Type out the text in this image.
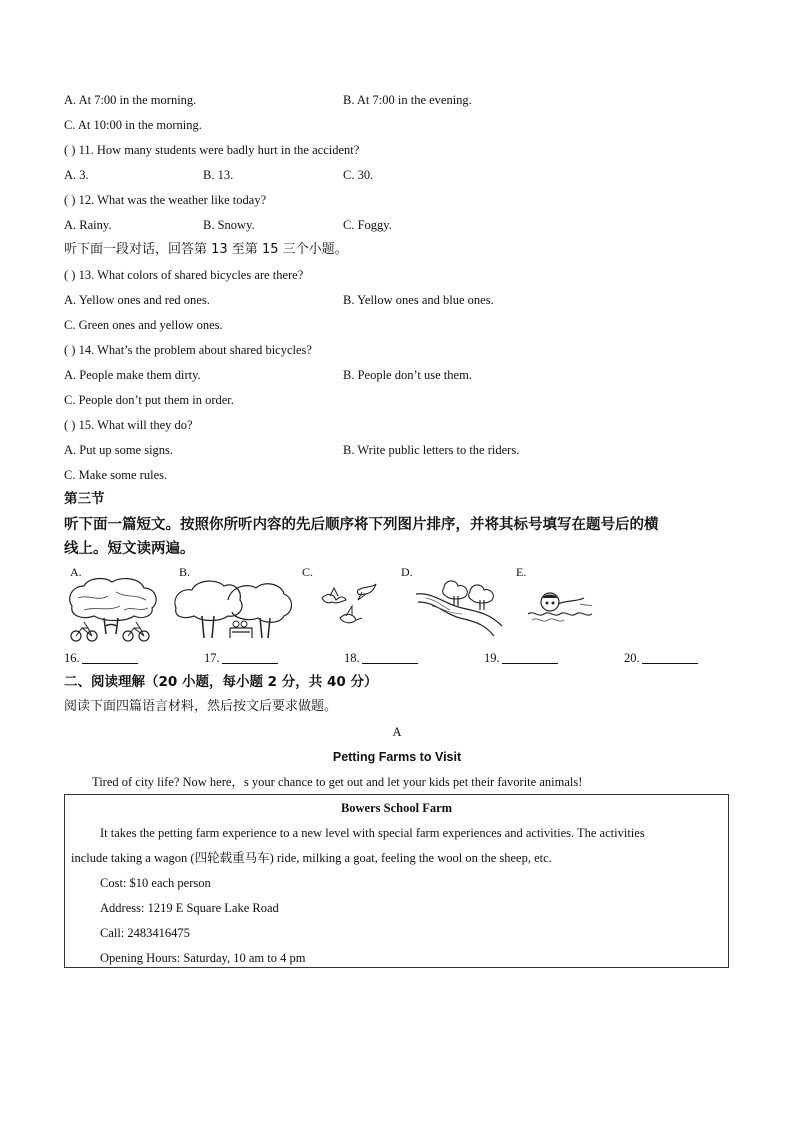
A. At 7:00 in the morning.	B. At 7:00 in the evening.
C. At 10:00 in the morning.
( ) 11. How many students were badly hurt in the accident?
A. 3.	B. 13.	C. 30.
( ) 12. What was the weather like today?
A. Rainy.	B. Snowy.	C. Foggy.
听下面一段对话，回答第 13 至第 15 三个小题。
( ) 13. What colors of shared bicycles are there?
A. Yellow ones and red ones.	B. Yellow ones and blue ones.
C. Green ones and yellow ones.
( ) 14. What’s the problem about shared bicycles?
A. People make them dirty.	B. People don’t use them.
C. People don’t put them in order.
( ) 15. What will they do?
A. Put up some signs.	B. Write public letters to the riders.
C. Make some rules.
第三节
听下面一篇短文。按照你所听内容的先后顺序将下列图片排序，并将其标号填写在题号后的横
线上。短文读两遍。
A.	B.	C.	D.	E.
16.	17.	18.	19.	20.
二、阅读理解（20 小题，每小题 2 分，共 40 分）
阅读下面四篇语言材料，然后按文后要求做题。
A
Petting Farms to Visit
Tired of city life? Now here，s your chance to get out and let your kids pet their favorite animals!
Bowers School Farm
It takes the petting farm experience to a new level with special farm experiences and activities. The activities
include taking a wagon (四轮载重马车) ride, milking a goat, feeling the wool on the sheep, etc.
Cost: $10 each person
Address: 1219 E Square Lake Road
Call: 2483416475
Opening Hours: Saturday, 10 am to 4 pm
